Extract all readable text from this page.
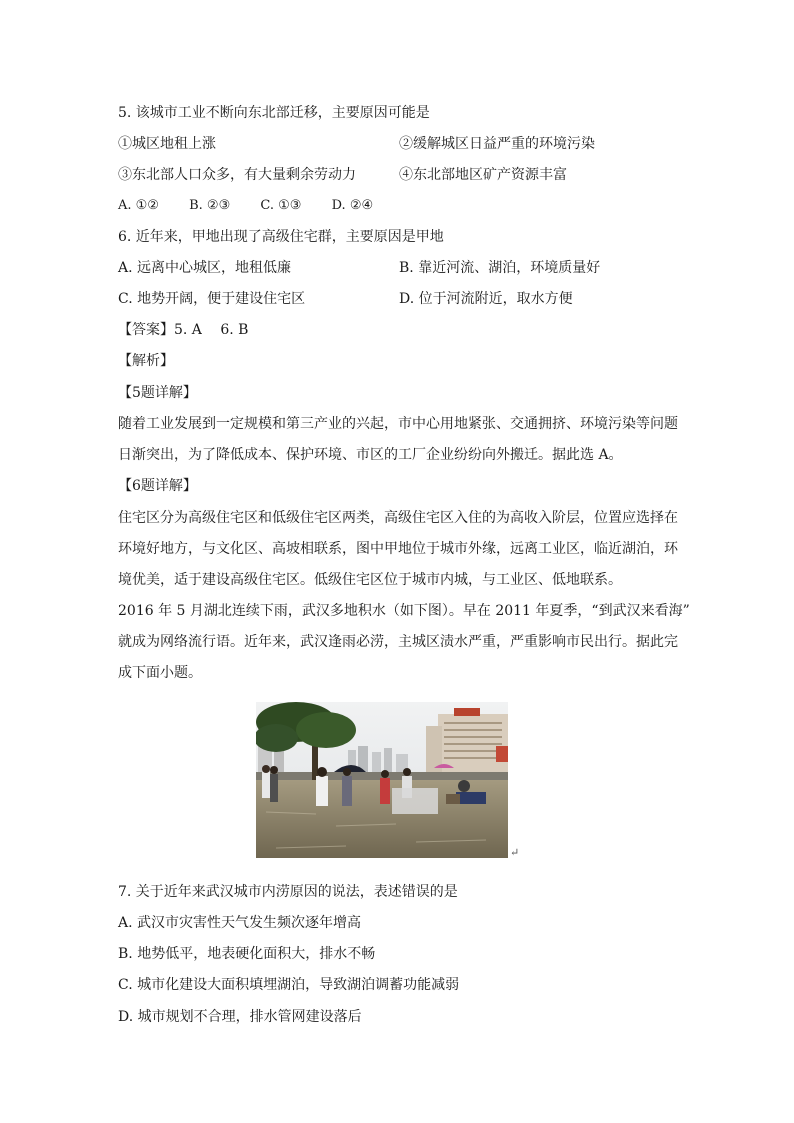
5. 该城市工业不断向东北部迁移，主要原因可能是
①城区地租上涨	②缓解城区日益严重的环境污染
③东北部人口众多，有大量剩余劳动力	④东北部地区矿产资源丰富
A. ①② B. ②③ C. ①③ D. ②④
6. 近年来，甲地出现了高级住宅群，主要原因是甲地
A. 远离中心城区，地租低廉	B. 靠近河流、湖泊，环境质量好
C. 地势开阔，便于建设住宅区	D. 位于河流附近，取水方便
【答案】5. A　 6. B
【解析】
【5题详解】
随着工业发展到一定规模和第三产业的兴起，市中心用地紧张、交通拥挤、环境污染等问题
日渐突出，为了降低成本、保护环境、市区的工厂企业纷纷向外搬迁。据此选 A。
【6题详解】
住宅区分为高级住宅区和低级住宅区两类，高级住宅区入住的为高收入阶层，位置应选择在
环境好地方，与文化区、高坡相联系，图中甲地位于城市外缘，远离工业区，临近湖泊，环
境优美，适于建设高级住宅区。低级住宅区位于城市内城，与工业区、低地联系。
2016 年 5 月湖北连续下雨，武汉多地积水（如下图）。早在 2011 年夏季，“到武汉来看海”
就成为网络流行语。近年来，武汉逢雨必涝，主城区渍水严重，严重影响市民出行。据此完
成下面小题。
↵
7. 关于近年来武汉城市内涝原因的说法，表述错误的是
A. 武汉市灾害性天气发生频次逐年增高
B. 地势低平，地表硬化面积大，排水不畅
C. 城市化建设大面积填埋湖泊，导致湖泊调蓄功能减弱
D. 城市规划不合理，排水管网建设落后
